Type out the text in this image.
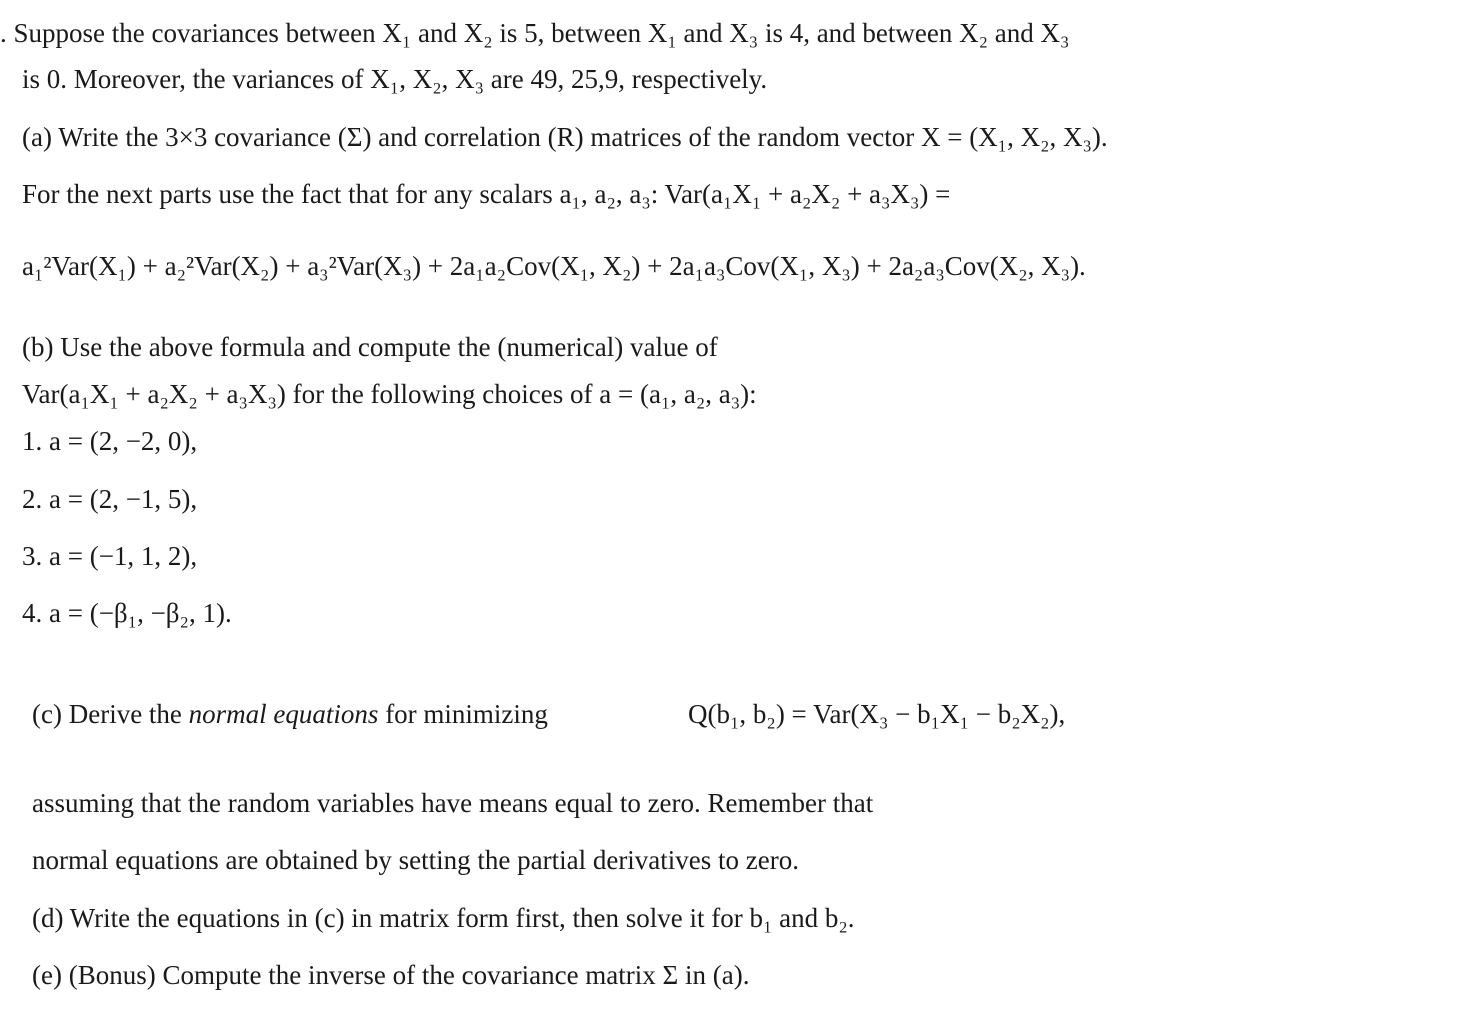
. Suppose the covariances between X₁ and X₂ is 5, between X₁ and X₃ is 4, and between X₂ and X₃
is 0. Moreover, the variances of X₁, X₂, X₃ are 49, 25,9, respectively.
(a) Write the 3×3 covariance (Σ) and correlation (R) matrices of the random vector X = (X₁, X₂, X₃).
For the next parts use the fact that for any scalars a₁, a₂, a₃: Var(a₁X₁ + a₂X₂ + a₃X₃) =
a₁²Var(X₁) + a₂²Var(X₂) + a₃²Var(X₃) + 2a₁a₂Cov(X₁, X₂) + 2a₁a₃Cov(X₁, X₃) + 2a₂a₃Cov(X₂, X₃).
(b) Use the above formula and compute the (numerical) value of
Var(a₁X₁ + a₂X₂ + a₃X₃) for the following choices of a = (a₁, a₂, a₃):
1. a = (2, −2, 0),
2. a = (2, −1, 5),
3. a = (−1, 1, 2),
4. a = (−β₁, −β₂, 1).
(c) Derive the normal equations for minimizing	Q(b₁, b₂) = Var(X₃ − b₁X₁ − b₂X₂),
assuming that the random variables have means equal to zero. Remember that
normal equations are obtained by setting the partial derivatives to zero.
(d) Write the equations in (c) in matrix form first, then solve it for b₁ and b₂.
(e) (Bonus) Compute the inverse of the covariance matrix Σ in (a).
